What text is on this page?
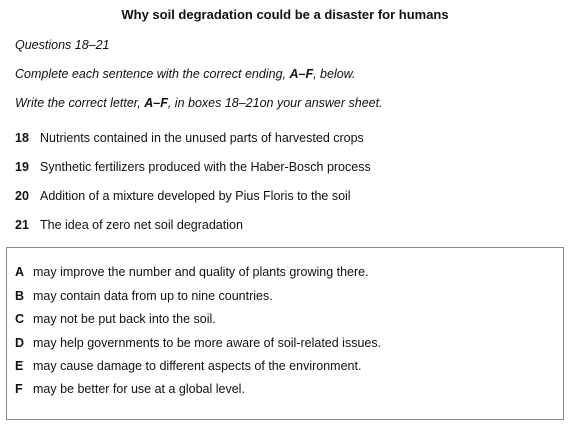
Why soil degradation could be a disaster for humans
Questions 18–21
Complete each sentence with the correct ending, A–F, below.
Write the correct letter, A–F, in boxes 18–21on your answer sheet.
18 Nutrients contained in the unused parts of harvested crops
19 Synthetic fertilizers produced with the Haber-Bosch process
20 Addition of a mixture developed by Pius Floris to the soil
21 The idea of zero net soil degradation
A may improve the number and quality of plants growing there.
B may contain data from up to nine countries.
C may not be put back into the soil.
D may help governments to be more aware of soil-related issues.
E may cause damage to different aspects of the environment.
F may be better for use at a global level.
